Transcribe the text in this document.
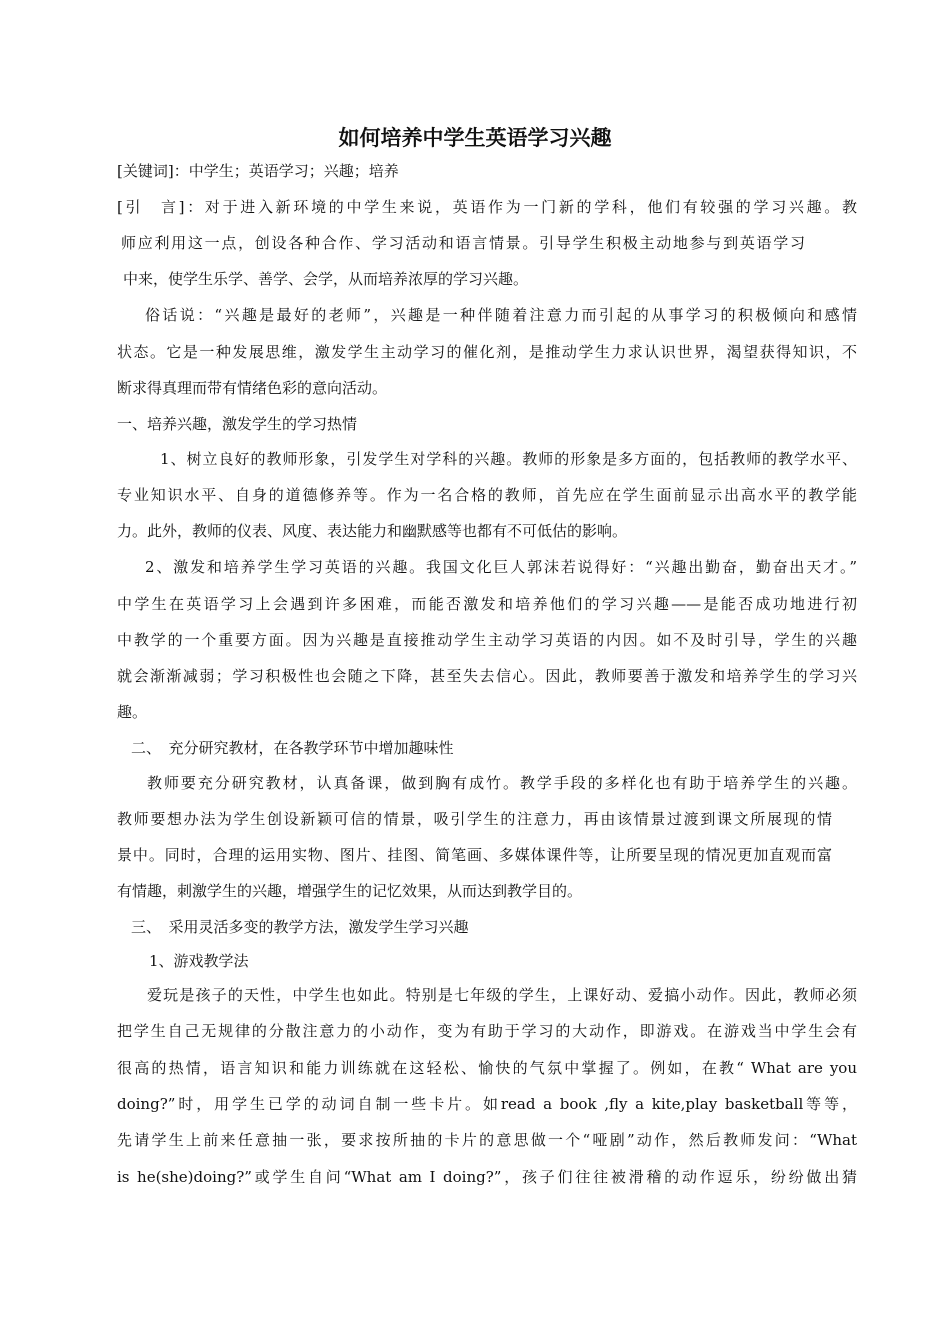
如何培养中学生英语学习兴趣
[关键词]：中学生；英语学习；兴趣；培养
[引　言]：对于进入新环境的中学生来说，英语作为一门新的学科，他们有较强的学习兴趣。教
师应利用这一点，创设各种合作、学习活动和语言情景。引导学生积极主动地参与到英语学习
中来，使学生乐学、善学、会学，从而培养浓厚的学习兴趣。
俗话说：“兴趣是最好的老师”，兴趣是一种伴随着注意力而引起的从事学习的积极倾向和感情
状态。它是一种发展思维，激发学生主动学习的催化剂，是推动学生力求认识世界，渴望获得知识，不
断求得真理而带有情绪色彩的意向活动。
一、培养兴趣，激发学生的学习热情
1、树立良好的教师形象，引发学生对学科的兴趣。教师的形象是多方面的，包括教师的教学水平、
专业知识水平、自身的道德修养等。作为一名合格的教师，首先应在学生面前显示出高水平的教学能
力。此外，教师的仪表、风度、表达能力和幽默感等也都有不可低估的影响。
2、激发和培养学生学习英语的兴趣。我国文化巨人郭沫若说得好：“兴趣出勤奋，勤奋出天才。”
中学生在英语学习上会遇到许多困难，而能否激发和培养他们的学习兴趣——是能否成功地进行初
中教学的一个重要方面。因为兴趣是直接推动学生主动学习英语的内因。如不及时引导，学生的兴趣
就会渐渐减弱；学习积极性也会随之下降，甚至失去信心。因此，教师要善于激发和培养学生的学习兴
趣。
二、　充分研究教材，在各教学环节中增加趣味性
教师要充分研究教材，认真备课，做到胸有成竹。教学手段的多样化也有助于培养学生的兴趣。
教师要想办法为学生创设新颖可信的情景，吸引学生的注意力，再由该情景过渡到课文所展现的情
景中。同时，合理的运用实物、图片、挂图、简笔画、多媒体课件等，让所要呈现的情况更加直观而富
有情趣，刺激学生的兴趣，增强学生的记忆效果，从而达到教学目的。
三、　采用灵活多变的教学方法，激发学生学习兴趣
1、游戏教学法
爱玩是孩子的天性，中学生也如此。特别是七年级的学生，上课好动、爱搞小动作。因此，教师必须
把学生自己无规律的分散注意力的小动作，变为有助于学习的大动作，即游戏。在游戏当中学生会有
很高的热情，语言知识和能力训练就在这轻松、愉快的气氛中掌握了。例如，在教“ What are you
doing?”时，用学生已学的动词自制一些卡片。如read a book ,fly a kite,play basketball等等，
先请学生上前来任意抽一张，要求按所抽的卡片的意思做一个“哑剧”动作，然后教师发问：“What
is he(she)doing?”或学生自问“What am I doing?”，孩子们往往被滑稽的动作逗乐，纷纷做出猜
